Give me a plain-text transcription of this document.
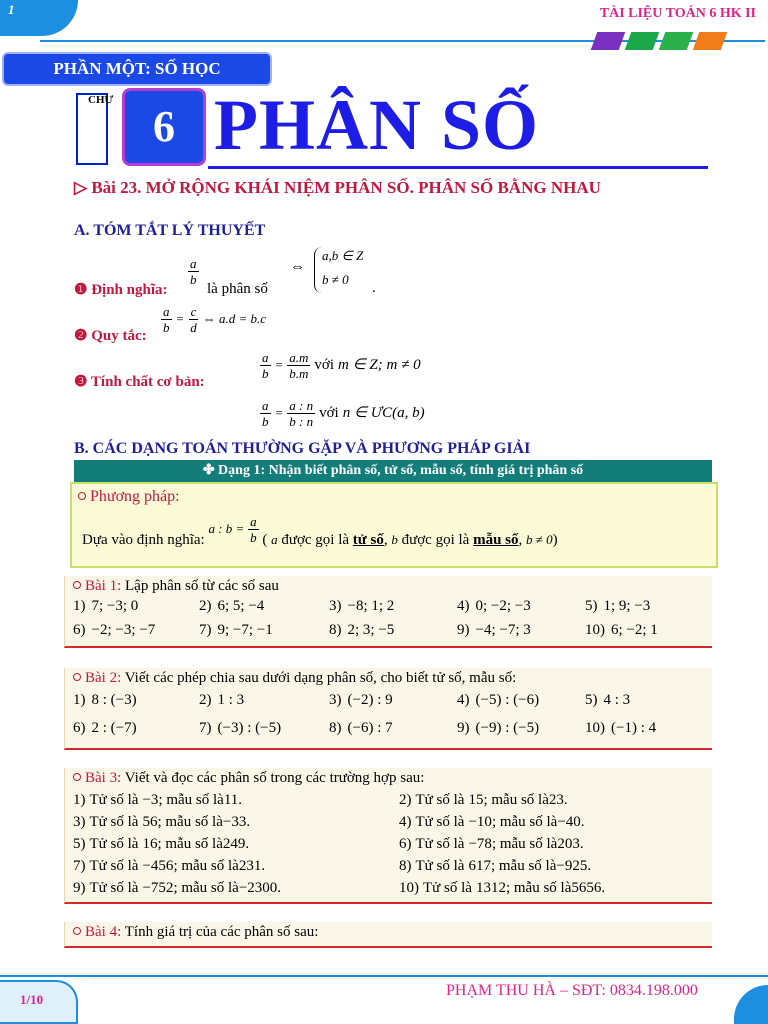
1	TÀI LIỆU TOÁN 6 HK II
PHẦN MỘT: SỐ HỌC
CHƯ
6 PHÂN SỐ
▷ Bài 23. MỞ RỘNG KHÁI NIỆM PHÂN SỐ. PHÂN SỐ BẰNG NHAU
A. TÓM TẮT LÝ THUYẾT
❶ Định nghĩa:
$\frac{a}{b}$
là phân số
⇔
a,b ∈ Z
b ≠ 0
.
❷ Quy tắc:
$\frac{a}{b} = \frac{c}{d}$ ⇔ a.d = b.c
❸ Tính chất cơ bản:
$\frac{a}{b} = \frac{a.m}{b.m}$ với m ∈ Z; m ≠ 0
$\frac{a}{b} = \frac{a : n}{b : n}$ với n ∈ ƯC(a, b)
B. CÁC DẠNG TOÁN THƯỜNG GẶP VÀ PHƯƠNG PHÁP GIẢI
✤ Dạng 1: Nhận biết phân số, tử số, mẫu số, tính giá trị phân số
Phương pháp:
Dựa vào định nghĩa: a : $b = \frac{a}{b}$ ( a được gọi là tử số, b được gọi là mẫu số, b ≠ 0)
Bài 1: Lập phân số từ các số sau
1) 7; −3; 0	2) 6; 5; −4	3) −8; 1; 2	4) 0; −2; −3	5) 1; 9; −3
6) −2; −3; −7	7) 9; −7; −1	8) 2; 3; −5	9) −4; −7; 3	10) 6; −2; 1
Bài 2: Viết các phép chia sau dưới dạng phân số, cho biết tử số, mẫu số:
1) 8 : (−3)	2) 1 : 3	3) (−2) : 9	4) (−5) : (−6)	5) 4 : 3
6) 2 : (−7)	7) (−3) : (−5)	8) (−6) : 7	9) (−9) : (−5)	10) (−1) : 4
Bài 3: Viết và đọc các phân số trong các trường hợp sau:
1) Tử số là −3; mẫu số là11.	2) Tử số là 15; mẫu số là23.
3) Tử số là 56; mẫu số là−33.	4) Tử số là −10; mẫu số là−40.
5) Tử số là 16; mẫu số là249.	6) Tử số là −78; mẫu số là203.
7) Tử số là −456; mẫu số là231.	8) Tử số là 617; mẫu số là−925.
9) Tử số là −752; mẫu số là−2300.	10) Tử số là 1312; mẫu số là5656.
Bài 4: Tính giá trị của các phân số sau:
1/10
PHẠM THU HÀ – SĐT: 0834.198.000
